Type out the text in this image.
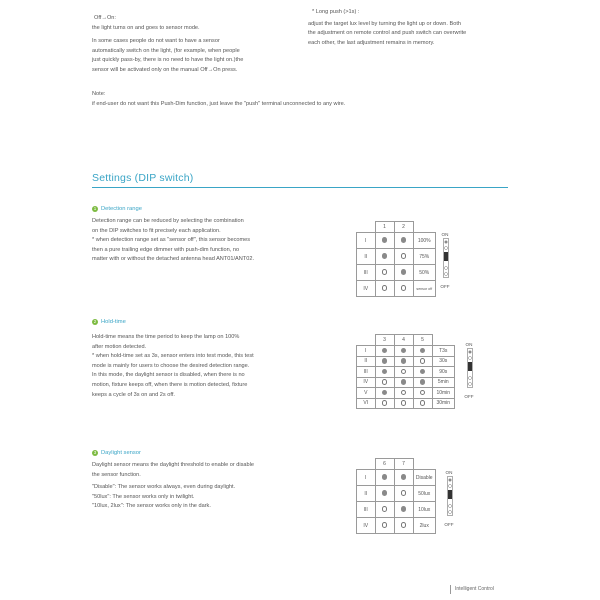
Off→On:

the light turns on and goes to sensor mode.

In some cases people do not want to have a sensor

automatically switch on the light, (for example, when people

just quickly pass-by, there is no need to have the light on.)the

sensor will be activated only on the manual Off→On press.

* Long push (>1s) :

adjust the target lux level by turning the light up or down. Both

the adjustment on remote control and push switch can overwrite

each other, the last adjustment remains in memory.

Note:

if end-user do not want this Push-Dim function, just leave the "push" terminal unconnected to any wire.

Settings (DIP switch)
1 Detection range

Detection range can be reduced by selecting the combination

on the DIP switches to fit precisely each application.

* when detection range set as "sensor off", this sensor becomes

then a pure trailing edge dimmer with push-dim function, no

matter with or without the detached antenna head ANT01/ANT02.

	1	2	
I			100%
II			75%
III			50%
IV			sensor off
ON
OFF
2 Hold-time

Hold-time means the time period to keep the lamp on 100%

after motion detected.

* when hold-time set as 3s, sensor enters into test mode, this test

mode is mainly for users to choose the desired detection range.

In this mode, the daylight sensor is disabled, when there is no

motion, fixture keeps off, when there is motion detected, fixture

keeps a cycle of 3s on and 2s off.

	3	4	5	
I				T3s
II				30s
III				90s
IV				5min
V				10min
VI				30min
ON
OFF
3 Daylight sensor

Daylight sensor means the daylight threshold to enable or disable

the sensor function.

"Disable": The sensor works always, even during daylight.

"50lux": The sensor works only in twilight.

"10lux, 2lux": The sensor works only in the dark.

	6	7	
I			Disable
II			50lux
III			10lux
IV			2lux
ON
OFF
Intelligent Control
